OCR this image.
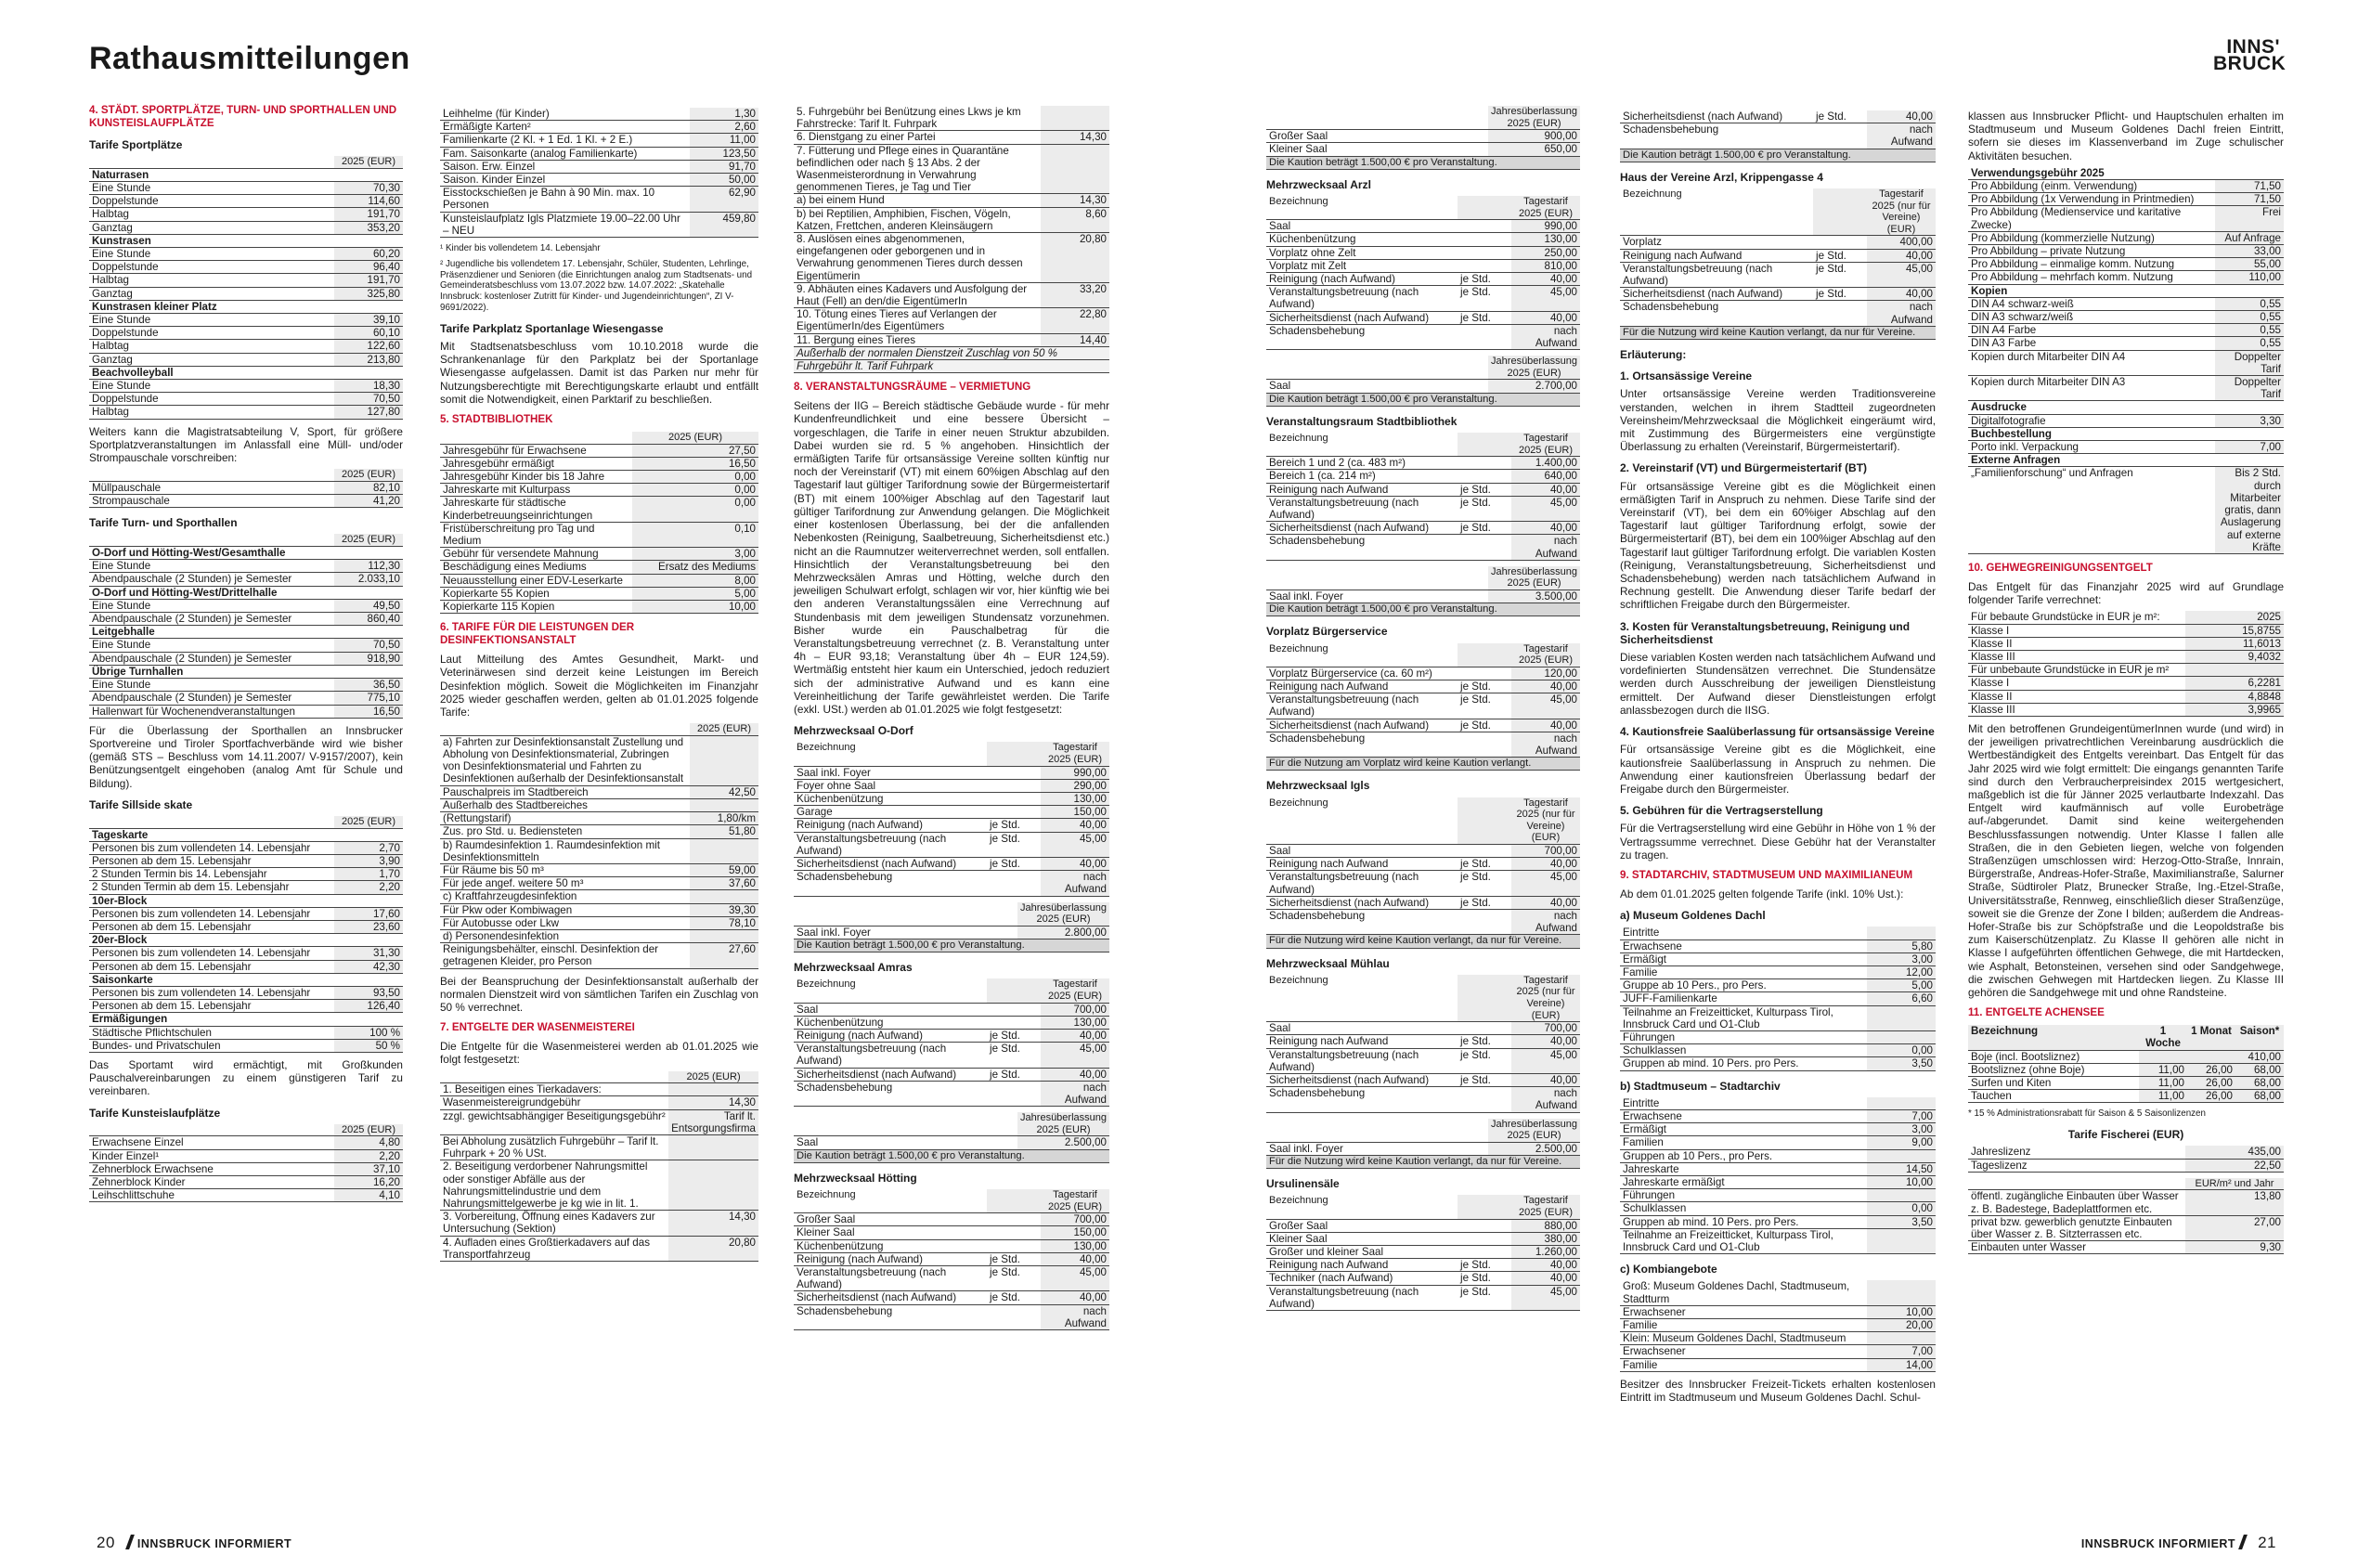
Rathausmitteilungen	INNS'
BRUCK
4. STÄDT. SPORTPLÄTZE, TURN- UND SPORTHALLEN UND KUNSTEISLAUFPLÄTZE
Tarife Sportplätze
	2025 (EUR)
Naturrasen	
Eine Stunde	70,30
Doppelstunde	114,60
Halbtag	191,70
Ganztag	353,20
Kunstrasen	
Eine Stunde	60,20
Doppelstunde	96,40
Halbtag	191,70
Ganztag	325,80
Kunstrasen kleiner Platz	
Eine Stunde	39,10
Doppelstunde	60,10
Halbtag	122,60
Ganztag	213,80
Beachvolleyball	
Eine Stunde	18,30
Doppelstunde	70,50
Halbtag	127,80
Weiters kann die Magistratsabteilung V, Sport, für größere Sportplatzveranstaltungen im Anlassfall eine Müll- und/oder Strompauschale vorschreiben:
	2025 (EUR)
Müllpauschale	82,10
Strompauschale	41,20
Tarife Turn- und Sporthallen
	2025 (EUR)
O-Dorf und Hötting-West/Gesamthalle	
Eine Stunde	112,30
Abendpauschale (2 Stunden) je Semester	2.033,10
O-Dorf und Hötting-West/Drittelhalle	
Eine Stunde	49,50
Abendpauschale (2 Stunden) je Semester	860,40
Leitgebhalle	
Eine Stunde	70,50
Abendpauschale (2 Stunden) je Semester	918,90
Übrige Turnhallen	
Eine Stunde	36,50
Abendpauschale (2 Stunden) je Semester	775,10
Hallenwart für Wochenendveranstaltungen	16,50
Für die Überlassung der Sporthallen an Innsbrucker Sportvereine und Tiroler Sportfachverbände wird wie bisher (gemäß STS – Beschluss vom 14.11.2007/ V-9157/2007), kein Benützungsentgelt eingehoben (analog Amt für Schule und Bildung).
Tarife Sillside skate
	2025 (EUR)
Tageskarte	
Personen bis zum vollendeten 14. Lebensjahr	2,70
Personen ab dem 15. Lebensjahr	3,90
2 Stunden Termin bis 14. Lebensjahr	1,70
2 Stunden Termin ab dem 15. Lebensjahr	2,20
10er-Block	
Personen bis zum vollendeten 14. Lebensjahr	17,60
Personen ab dem 15. Lebensjahr	23,60
20er-Block	
Personen bis zum vollendeten 14. Lebensjahr	31,30
Personen ab dem 15. Lebensjahr	42,30
Saisonkarte	
Personen bis zum vollendeten 14. Lebensjahr	93,50
Personen ab dem 15. Lebensjahr	126,40
Ermäßigungen	
Städtische Pflichtschulen	100 %
Bundes- und Privatschulen	50 %
Das Sportamt wird ermächtigt, mit Großkunden Pauschalvereinbarungen zu einem günstigeren Tarif zu vereinbaren.
Tarife Kunsteislaufplätze
	2025 (EUR)
Erwachsene Einzel	4,80
Kinder Einzel¹	2,20
Zehnerblock Erwachsene	37,10
Zehnerblock Kinder	16,20
Leihschlittschuhe	4,10
Leihhelme (für Kinder)	1,30
Ermäßigte Karten²	2,60
Familienkarte (2 Kl. + 1 Ed. 1 Kl. + 2 E.)	11,00
Fam. Saisonkarte (analog Familienkarte)	123,50
Saison. Erw. Einzel	91,70
Saison. Kinder Einzel	50,00
Eisstockschießen je Bahn à 90 Min. max. 10 Personen	62,90
Kunsteislaufplatz Igls Platzmiete 19.00–22.00 Uhr – NEU	459,80
¹ Kinder bis vollendetem 14. Lebensjahr
² Jugendliche bis vollendetem 17. Lebensjahr, Schüler, Studenten, Lehrlinge, Präsenzdiener und Senioren (die Einrichtungen analog zum Stadtsenats- und Gemeinderatsbeschluss vom 13.07.2022 bzw. 14.07.2022: „Skatehalle Innsbruck: kostenloser Zutritt für Kinder- und Jugendeinrichtungen“, ZI V-9691/2022).
Tarife Parkplatz Sportanlage Wiesengasse
Mit Stadtsenatsbeschluss vom 10.10.2018 wurde die Schrankenanlage für den Parkplatz bei der Sportanlage Wiesengasse aufgelassen. Damit ist das Parken nur mehr für Nutzungsberechtigte mit Berechtigungskarte erlaubt und entfällt somit die Notwendigkeit, einen Parktarif zu beschließen.
5. STADTBIBLIOTHEK
	2025 (EUR)
Jahresgebühr für Erwachsene	27,50
Jahresgebühr ermäßigt	16,50
Jahresgebühr Kinder bis 18 Jahre	0,00
Jahreskarte mit Kulturpass	0,00
Jahreskarte für städtische Kinderbetreuungseinrichtungen	0,00
Fristüberschreitung pro Tag und Medium	0,10
Gebühr für versendete Mahnung	3,00
Beschädigung eines Mediums	Ersatz des Mediums
Neuausstellung einer EDV-Leserkarte	8,00
Kopierkarte 55 Kopien	5,00
Kopierkarte 115 Kopien	10,00
6. TARIFE FÜR DIE LEISTUNGEN DER DESINFEKTIONSANSTALT
Laut Mitteilung des Amtes Gesundheit, Markt- und Veterinärwesen sind derzeit keine Leistungen im Bereich Desinfektion möglich. Soweit die Möglichkeiten im Finanzjahr 2025 wieder geschaffen werden, gelten ab 01.01.2025 folgende Tarife:
	2025 (EUR)
a) Fahrten zur Desinfektionsanstalt Zustellung und Abholung von Desinfektionsmaterial, Zubringen von Desinfektionsmaterial und Fahrten zu Desinfektionen außerhalb der Desinfektionsanstalt	
Pauschalpreis im Stadtbereich	42,50
Außerhalb des Stadtbereiches	
(Rettungstarif)	1,80/km
Zus. pro Std. u. Bediensteten	51,80
b) Raumdesinfektion 1. Raumdesinfektion mit Desinfektionsmitteln	
Für Räume bis 50 m³	59,00
Für jede angef. weitere 50 m³	37,60
c) Kraftfahrzeugdesinfektion	
Für Pkw oder Kombiwagen	39,30
Für Autobusse oder Lkw	78,10
d) Personendesinfektion	
Reinigungsbehälter, einschl. Desinfektion der getragenen Kleider, pro Person	27,60
Bei der Beanspruchung der Desinfektionsanstalt außerhalb der normalen Dienstzeit wird von sämtlichen Tarifen ein Zuschlag von 50 % verrechnet.
7. ENTGELTE DER WASENMEISTEREI
Die Entgelte für die Wasenmeisterei werden ab 01.01.2025 wie folgt festgesetzt:
	2025 (EUR)
1. Beseitigen eines Tierkadavers:	
Wasenmeistereigrundgebühr	14,30
zzgl. gewichtsabhängiger Beseitigungsgebühr²	Tarif lt. Entsorgungsfirma
Bei Abholung zusätzlich Fuhrgebühr – Tarif lt. Fuhrpark + 20 % USt.	
2. Beseitigung verdorbener Nahrungsmittel oder sonstiger Abfälle aus der Nahrungsmittelindustrie und dem Nahrungsmittelgewerbe je kg wie in lit. 1.	
3. Vorbereitung, Öffnung eines Kadavers zur Untersuchung (Sektion)	14,30
4. Aufladen eines Großtierkadavers auf das Transportfahrzeug	20,80
5. Fuhrgebühr bei Benützung eines Lkws je km Fahrstrecke: Tarif lt. Fuhrpark	
6. Dienstgang zu einer Partei	14,30
7. Fütterung und Pflege eines in Quarantäne befindlichen oder nach § 13 Abs. 2 der Wasenmeisterordnung in Verwahrung genommenen Tieres, je Tag und Tier	
a) bei einem Hund	14,30
b) bei Reptilien, Amphibien, Fischen, Vögeln, Katzen, Frettchen, anderen Kleinsäugern	8,60
8. Auslösen eines abgenommenen, eingefangenen oder geborgenen und in Verwahrung genommenen Tieres durch dessen Eigentümerin	20,80
9. Abhäuten eines Kadavers und Ausfolgung der Haut (Fell) an den/die EigentümerIn	33,20
10. Tötung eines Tieres auf Verlangen der EigentümerIn/des Eigentümers	22,80
11. Bergung eines Tieres	14,40
Außerhalb der normalen Dienstzeit Zuschlag von 50 %	
Fuhrgebühr lt. Tarif Fuhrpark	
8. VERANSTALTUNGSRÄUME – VERMIETUNG
Seitens der IIG – Bereich städtische Gebäude wurde - für mehr Kundenfreundlichkeit und eine bessere Übersicht – vorgeschlagen, die Tarife in einer neuen Struktur abzubilden. Dabei wurden sie rd. 5 % angehoben. Hinsichtlich der ermäßigten Tarife für ortsansässige Vereine sollten künftig nur noch der Vereinstarif (VT) mit einem 60%igen Abschlag auf den Tagestarif laut gültiger Tarifordnung sowie der Bürgermeistertarif (BT) mit einem 100%iger Abschlag auf den Tagestarif laut gültiger Tarifordnung zur Anwendung gelangen. Die Möglichkeit einer kostenlosen Überlassung, bei der die anfallenden Nebenkosten (Reinigung, Saalbetreuung, Sicherheitsdienst etc.) nicht an die Raumnutzer weiterverrechnet werden, soll entfallen. Hinsichtlich der Veranstaltungsbetreuung bei den Mehrzwecksälen Amras und Hötting, welche durch den jeweiligen Schulwart erfolgt, schlagen wir vor, hier künftig wie bei den anderen Veranstaltungssälen eine Verrechnung auf Stundenbasis mit dem jeweiligen Stundensatz vorzunehmen. Bisher wurde ein Pauschalbetrag für die Veranstaltungsbetreuung verrechnet (z. B. Veranstaltung unter 4h – EUR 93,18; Veranstaltung über 4h – EUR 124,59). Wertmäßig entsteht hier kaum ein Unterschied, jedoch reduziert sich der administrative Aufwand und es kann eine Vereinheitlichung der Tarife gewährleistet werden. Die Tarife (exkl. USt.) werden ab 01.01.2025 wie folgt festgesetzt:
Mehrzwecksaal O-Dorf
Bezeichnung		Tagestarif 2025 (EUR)
Saal inkl. Foyer		990,00
Foyer ohne Saal		290,00
Küchenbenützung		130,00
Garage		150,00
Reinigung (nach Aufwand)	je Std.	40,00
Veranstaltungsbetreuung (nach Aufwand)	je Std.	45,00
Sicherheitsdienst (nach Aufwand)	je Std.	40,00
Schadensbehebung		nach Aufwand
	Jahresüberlassung 2025 (EUR)
Saal inkl. Foyer	2.800,00
Die Kaution beträgt 1.500,00 € pro Veranstaltung.	
Mehrzwecksaal Amras
Bezeichnung		Tagestarif 2025 (EUR)
Saal		700,00
Küchenbenützung		130,00
Reinigung (nach Aufwand)	je Std.	40,00
Veranstaltungsbetreuung (nach Aufwand)	je Std.	45,00
Sicherheitsdienst (nach Aufwand)	je Std.	40,00
Schadensbehebung		nach Aufwand
	Jahresüberlassung 2025 (EUR)
Saal	2.500,00
Die Kaution beträgt 1.500,00 € pro Veranstaltung.	
Mehrzwecksaal Hötting
Bezeichnung		Tagestarif 2025 (EUR)
Großer Saal		700,00
Kleiner Saal		150,00
Küchenbenützung		130,00
Reinigung (nach Aufwand)	je Std.	40,00
Veranstaltungsbetreuung (nach Aufwand)	je Std.	45,00
Sicherheitsdienst (nach Aufwand)	je Std.	40,00
Schadensbehebung		nach Aufwand
	Jahresüberlassung 2025 (EUR)
Großer Saal	900,00
Kleiner Saal	650,00
Die Kaution beträgt 1.500,00 € pro Veranstaltung.	
Mehrzwecksaal Arzl
Bezeichnung		Tagestarif 2025 (EUR)
Saal		990,00
Küchenbenützung		130,00
Vorplatz ohne Zelt		250,00
Vorplatz mit Zelt		810,00
Reinigung (nach Aufwand)	je Std.	40,00
Veranstaltungsbetreuung (nach Aufwand)	je Std.	45,00
Sicherheitsdienst (nach Aufwand)	je Std.	40,00
Schadensbehebung		nach Aufwand
	Jahresüberlassung 2025 (EUR)
Saal	2.700,00
Die Kaution beträgt 1.500,00 € pro Veranstaltung.	
Veranstaltungsraum Stadtbibliothek
Bezeichnung		Tagestarif 2025 (EUR)
Bereich 1 und 2 (ca. 483 m²)		1.400,00
Bereich 1 (ca. 214 m²)		640,00
Reinigung nach Aufwand	je Std.	40,00
Veranstaltungsbetreuung (nach Aufwand)	je Std.	45,00
Sicherheitsdienst (nach Aufwand)	je Std.	40,00
Schadensbehebung		nach Aufwand
	Jahresüberlassung 2025 (EUR)
Saal inkl. Foyer	3.500,00
Die Kaution beträgt 1.500,00 € pro Veranstaltung.	
Vorplatz Bürgerservice
Bezeichnung		Tagestarif 2025 (EUR)
Vorplatz Bürgerservice (ca. 60 m²)		120,00
Reinigung nach Aufwand	je Std.	40,00
Veranstaltungsbetreuung (nach Aufwand)	je Std.	45,00
Sicherheitsdienst (nach Aufwand)	je Std.	40,00
Schadensbehebung		nach Aufwand
Für die Nutzung am Vorplatz wird keine Kaution verlangt.		
Mehrzwecksaal Igls
Bezeichnung		Tagestarif 2025 (nur für Vereine) (EUR)
Saal		700,00
Reinigung nach Aufwand	je Std.	40,00
Veranstaltungsbetreuung (nach Aufwand)	je Std.	45,00
Sicherheitsdienst (nach Aufwand)	je Std.	40,00
Schadensbehebung		nach Aufwand
Für die Nutzung wird keine Kaution verlangt, da nur für Vereine.		
Mehrzwecksaal Mühlau
Bezeichnung		Tagestarif 2025 (nur für Vereine) (EUR)
Saal		700,00
Reinigung nach Aufwand	je Std.	40,00
Veranstaltungsbetreuung (nach Aufwand)	je Std.	45,00
Sicherheitsdienst (nach Aufwand)	je Std.	40,00
Schadensbehebung		nach Aufwand
	Jahresüberlassung 2025 (EUR)
Saal inkl. Foyer	2.500,00
Für die Nutzung wird keine Kaution verlangt, da nur für Vereine.	
Ursulinensäle
Bezeichnung		Tagestarif 2025 (EUR)
Großer Saal		880,00
Kleiner Saal		380,00
Großer und kleiner Saal		1.260,00
Reinigung nach Aufwand	je Std.	40,00
Techniker (nach Aufwand)	je Std.	40,00
Veranstaltungsbetreuung (nach Aufwand)	je Std.	45,00
Sicherheitsdienst (nach Aufwand)	je Std.	40,00
Schadensbehebung		nach Aufwand
Die Kaution beträgt 1.500,00 € pro Veranstaltung.		
Haus der Vereine Arzl, Krippengasse 4
Bezeichnung		Tagestarif 2025 (nur für Vereine) (EUR)
Vorplatz		400,00
Reinigung nach Aufwand	je Std.	40,00
Veranstaltungsbetreuung (nach Aufwand)	je Std.	45,00
Sicherheitsdienst (nach Aufwand)	je Std.	40,00
Schadensbehebung		nach Aufwand
Für die Nutzung wird keine Kaution verlangt, da nur für Vereine.		
Erläuterung:
1. Ortsansässige Vereine
Unter ortsansässige Vereine werden Traditionsvereine verstanden, welchen in ihrem Stadtteil zugeordneten Vereinsheim/Mehrzwecksaal die Möglichkeit eingeräumt wird, mit Zustimmung des Bürgermeisters eine vergünstigte Überlassung zu erhalten (Vereinstarif, Bürgermeistertarif).
2. Vereinstarif (VT) und Bürgermeistertarif (BT)
Für ortsansässige Vereine gibt es die Möglichkeit einen ermäßigten Tarif in Anspruch zu nehmen. Diese Tarife sind der Vereinstarif (VT), bei dem ein 60%iger Abschlag auf den Tagestarif laut gültiger Tarifordnung erfolgt, sowie der Bürgermeistertarif (BT), bei dem ein 100%iger Abschlag auf den Tagestarif laut gültiger Tarifordnung erfolgt. Die variablen Kosten (Reinigung, Veranstaltungsbetreuung, Sicherheitsdienst und Schadensbehebung) werden nach tatsächlichem Aufwand in Rechnung gestellt. Die Anwendung dieser Tarife bedarf der schriftlichen Freigabe durch den Bürgermeister.
3. Kosten für Veranstaltungsbetreuung, Reinigung und Sicherheitsdienst
Diese variablen Kosten werden nach tatsächlichem Aufwand und vordefinierten Stundensätzen verrechnet. Die Stundensätze werden durch Ausschreibung der jeweiligen Dienstleistung ermittelt. Der Aufwand dieser Dienstleistungen erfolgt anlassbezogen durch die IISG.
4. Kautionsfreie Saalüberlassung für ortsansässige Vereine
Für ortsansässige Vereine gibt es die Möglichkeit, eine kautionsfreie Saalüberlassung in Anspruch zu nehmen. Die Anwendung einer kautionsfreien Überlassung bedarf der Freigabe durch den Bürgermeister.
5. Gebühren für die Vertragserstellung
Für die Vertragserstellung wird eine Gebühr in Höhe von 1 % der Vertragssumme verrechnet. Diese Gebühr hat der Veranstalter zu tragen.
9. STADTARCHIV, STADTMUSEUM UND MAXIMILIANEUM
Ab dem 01.01.2025 gelten folgende Tarife (inkl. 10% Ust.):
a) Museum Goldenes Dachl
Eintritte	
Erwachsene	5,80
Ermäßigt	3,00
Familie	12,00
Gruppe ab 10 Pers., pro Pers.	5,00
JUFF-Familienkarte	6,60
Teilnahme an Freizeitticket, Kulturpass Tirol, Innsbruck Card und O1-Club	
Führungen	
Schulklassen	0,00
Gruppen ab mind. 10 Pers. pro Pers.	3,50
b) Stadtmuseum – Stadtarchiv
Eintritte	
Erwachsene	7,00
Ermäßigt	3,00
Familien	9,00
Gruppen ab 10 Pers., pro Pers.	
Jahreskarte	14,50
Jahreskarte ermäßigt	10,00
Führungen	
Schulklassen	0,00
Gruppen ab mind. 10 Pers. pro Pers.	3,50
Teilnahme an Freizeitticket, Kulturpass Tirol, Innsbruck Card und O1-Club	
c) Kombiangebote
Groß: Museum Goldenes Dachl, Stadtmuseum, Stadtturm	
Erwachsener	10,00
Familie	20,00
Klein: Museum Goldenes Dachl, Stadtmuseum	
Erwachsener	7,00
Familie	14,00
Besitzer des Innsbrucker Freizeit-Tickets erhalten kostenlosen Eintritt im Stadtmuseum und Museum Goldenes Dachl. Schul-
klassen aus Innsbrucker Pflicht- und Hauptschulen erhalten im Stadtmuseum und Museum Goldenes Dachl freien Eintritt, sofern sie dieses im Klassenverband im Zuge schulischer Aktivitäten besuchen.
Verwendungsgebühr 2025	
Pro Abbildung (einm. Verwendung)	71,50
Pro Abbildung (1x Verwendung in Printmedien)	71,50
Pro Abbildung (Medienservice und karitative Zwecke)	Frei
Pro Abbildung (kommerzielle Nutzung)	Auf Anfrage
Pro Abbildung – private Nutzung	33,00
Pro Abbildung – einmalige komm. Nutzung	55,00
Pro Abbildung – mehrfach komm. Nutzung	110,00
Kopien	
DIN A4 schwarz-weiß	0,55
DIN A3 schwarz/weiß	0,55
DIN A4 Farbe	0,55
DIN A3 Farbe	0,55
Kopien durch Mitarbeiter DIN A4	Doppelter Tarif
Kopien durch Mitarbeiter DIN A3	Doppelter Tarif
Ausdrucke	
Digitalfotografie	3,30
Buchbestellung	
Porto inkl. Verpackung	7,00
Externe Anfragen	
„Familienforschung“ und Anfragen	Bis 2 Std. durch Mitarbeiter gratis, dann Auslagerung auf externe Kräfte
10. GEHWEGREINIGUNGSENTGELT
Das Entgelt für das Finanzjahr 2025 wird auf Grundlage folgender Tarife verrechnet:
Für bebaute Grundstücke in EUR je m²:	2025
Klasse I	15,8755
Klasse II	11,6013
Klasse III	9,4032
Für unbebaute Grundstücke in EUR je m²	
Klasse I	6,2281
Klasse II	4,8848
Klasse III	3,9965
Mit den betroffenen GrundeigentümerInnen wurde (und wird) in der jeweiligen privatrechtlichen Vereinbarung ausdrücklich die Wertbeständigkeit des Entgelts vereinbart. Das Entgelt für das Jahr 2025 wird wie folgt ermittelt: Die eingangs genannten Tarife sind durch den Verbraucherpreisindex 2015 wertgesichert, maßgeblich ist die für Jänner 2025 verlautbarte Indexzahl. Das Entgelt wird kaufmännisch auf volle Eurobeträge auf-/abgerundet. Damit sind keine weitergehenden Beschlussfassungen notwendig. Unter Klasse I fallen alle Straßen, die in den Gebieten liegen, welche von folgenden Straßenzügen umschlossen wird: Herzog-Otto-Straße, Innrain, Bürgerstraße, Andreas-Hofer-Straße, Maximilianstraße, Salurner Straße, Südtiroler Platz, Brunecker Straße, Ing.-Etzel-Straße, Universitätsstraße, Rennweg, einschließlich dieser Straßenzüge, soweit sie die Grenze der Zone I bilden; außerdem die Andreas-Hofer-Straße bis zur Schöpfstraße und die Leopoldstraße bis zum Kaiserschützenplatz. Zu Klasse II gehören alle nicht in Klasse I aufgeführten öffentlichen Gehwege, die mit Hartdecken, wie Asphalt, Betonsteinen, versehen sind oder Sandgehwege, die zwischen Gehwegen mit Hartdecken liegen. Zu Klasse III gehören die Sandgehwege mit und ohne Randsteine.
11. ENTGELTE ACHENSEE
Bezeichnung	1 Woche	1 Monat	Saison*
Boje (incl. Bootsliznez)			410,00
Bootsliznez (ohne Boje)	11,00	26,00	68,00
Surfen und Kiten	11,00	26,00	68,00
Tauchen	11,00	26,00	68,00
* 15 % Administrationsrabatt für Saison & 5 Saisonlizenzen
Tarife Fischerei (EUR)
Jahreslizenz	435,00
Tageslizenz	22,50
	EUR/m² und Jahr
öffentl. zugängliche Einbauten über Wasser z. B. Badestege, Badeplattformen etc.	13,80
privat bzw. gewerblich genutzte Einbauten über Wasser z. B. Sitzterrassen etc.	27,00
Einbauten unter Wasser	9,30
20 INNSBRUCK INFORMIERT	INNSBRUCK INFORMIERT 21
